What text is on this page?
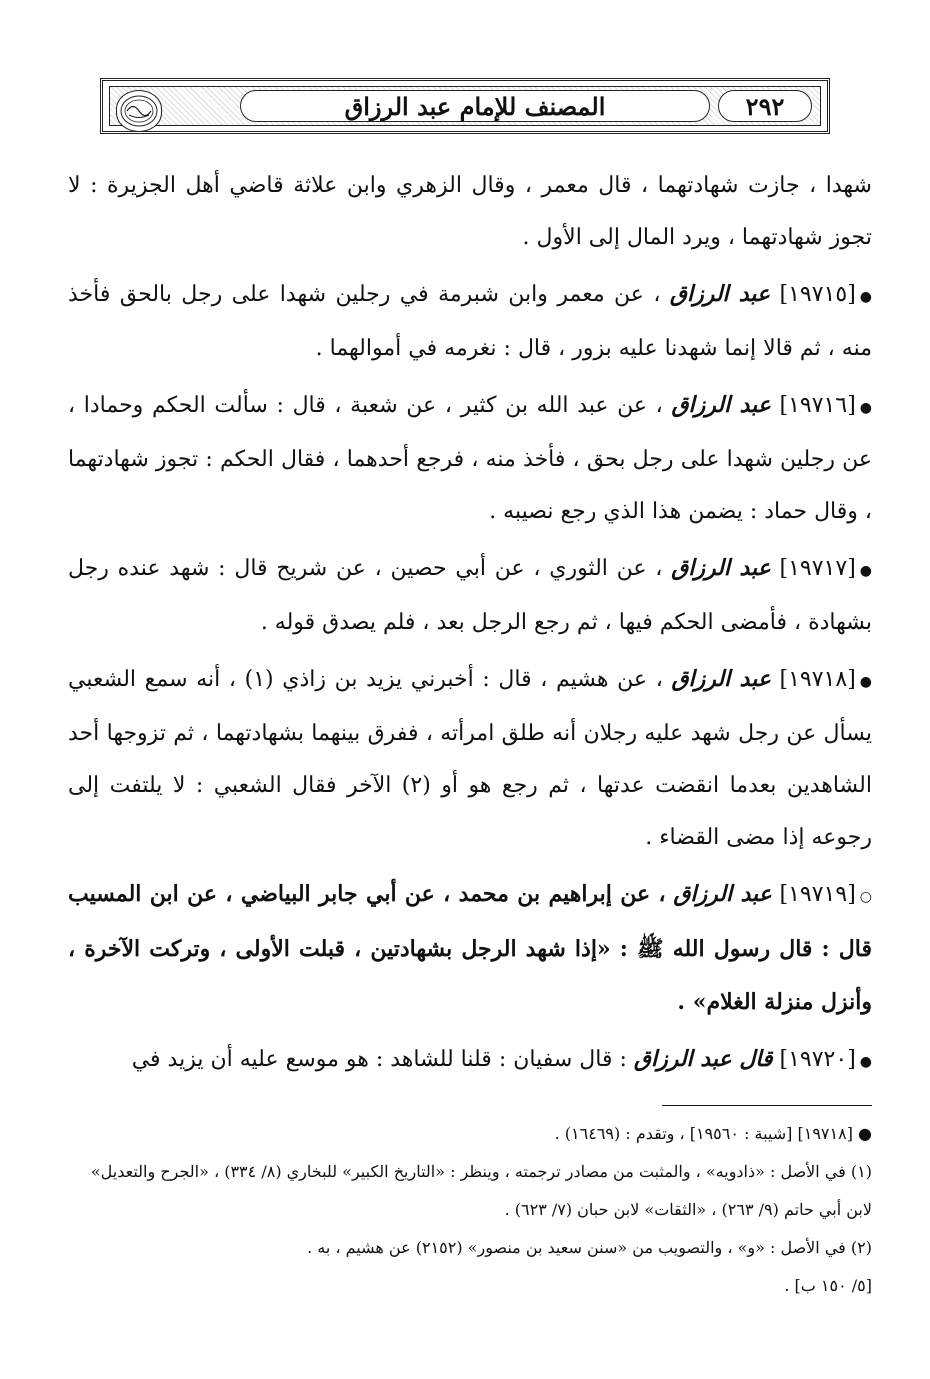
٢٩٢
المصنف للإمام عبد الرزاق

شهدا ، جازت شهادتهما ، قال معمر ، وقال الزهري وابن علاثة قاضي أهل الجزيرة : لا تجوز شهادتهما ، ويرد المال إلى الأول .

●[١٩٧١٥] عبد الرزاق ، عن معمر وابن شبرمة في رجلين شهدا على رجل بالحق فأخذ منه ، ثم قالا إنما شهدنا عليه بزور ، قال : نغرمه في أموالهما .

●[١٩٧١٦] عبد الرزاق ، عن عبد الله بن كثير ، عن شعبة ، قال : سألت الحكم وحمادا ، عن رجلين شهدا على رجل بحق ، فأخذ منه ، فرجع أحدهما ، فقال الحكم : تجوز شهادتهما ، وقال حماد : يضمن هذا الذي رجع نصيبه .

●[١٩٧١٧] عبد الرزاق ، عن الثوري ، عن أبي حصين ، عن شريح قال : شهد عنده رجل بشهادة ، فأمضى الحكم فيها ، ثم رجع الرجل بعد ، فلم يصدق قوله .

●[١٩٧١٨] عبد الرزاق ، عن هشيم ، قال : أخبرني يزيد بن زاذي (١) ، أنه سمع الشعبي يسأل عن رجل شهد عليه رجلان أنه طلق امرأته ، ففرق بينهما بشهادتهما ، ثم تزوجها أحد الشاهدين بعدما انقضت عدتها ، ثم رجع هو أو (٢) الآخر فقال الشعبي : لا يلتفت إلى رجوعه إذا مضى القضاء .

○[١٩٧١٩] عبد الرزاق ، عن إبراهيم بن محمد ، عن أبي جابر البياضي ، عن ابن المسيب قال : قال رسول الله ﷺ : «إذا شهد الرجل بشهادتين ، قبلت الأولى ، وتركت الآخرة ، وأنزل منزلة الغلام» .

●[١٩٧٢٠] قال عبد الرزاق : قال سفيان : قلنا للشاهد : هو موسع عليه أن يزيد في

● [١٩٧١٨] [شيبة : ١٩٥٦٠] ، وتقدم : (١٦٤٦٩) .

(١) في الأصل : «ذادويه» ، والمثبت من مصادر ترجمته ، وينظر : «التاريخ الكبير» للبخاري (٨/ ٣٣٤) ، «الجرح والتعديل» لابن أبي حاتم (٩/ ٢٦٣) ، «الثقات» لابن حبان (٧/ ٦٢٣) .

(٢) في الأصل : «و» ، والتصويب من «سنن سعيد بن منصور» (٢١٥٢) عن هشيم ، به .

[٥/ ١٥٠ ب] .
